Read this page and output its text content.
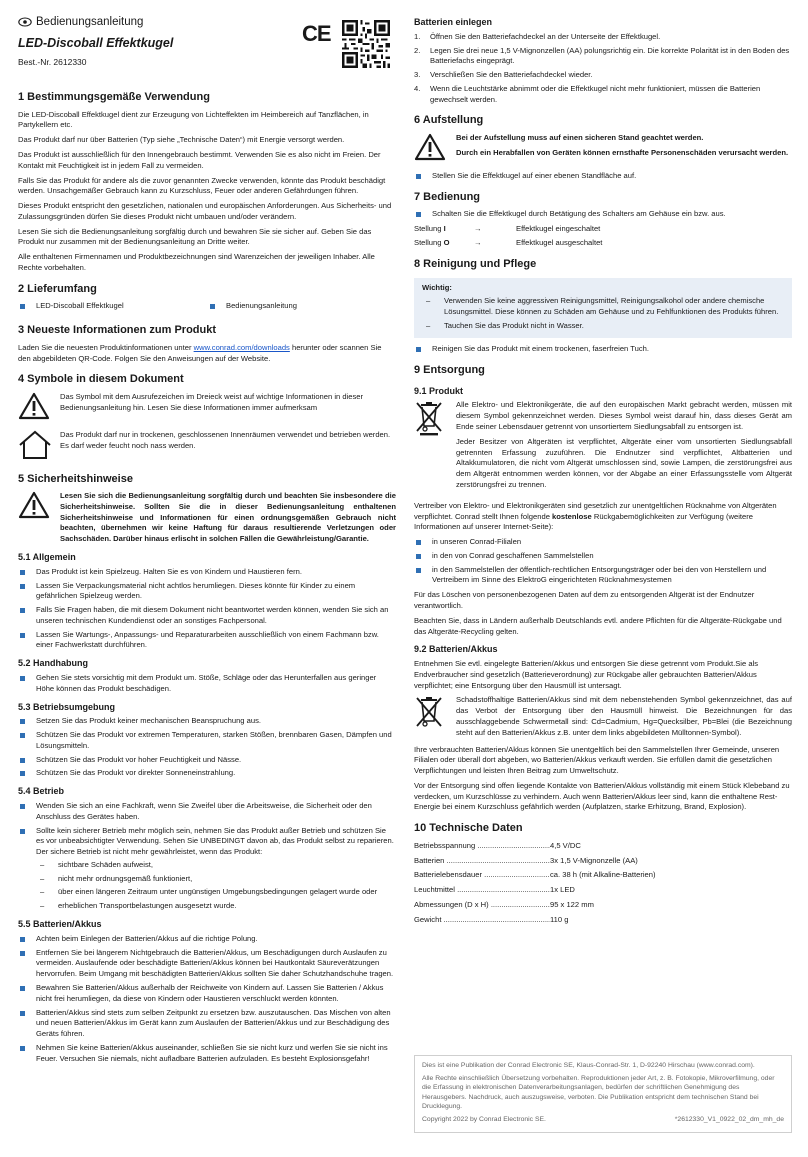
Bedienungsanleitung
LED-Discoball Effektkugel
Best.-Nr. 2612330
CE
1 Bestimmungsgemäße Verwendung

Die LED-Discoball Effektkugel dient zur Erzeugung von Lichteffekten im Heimbereich auf Tanzflächen, in Partykellern etc.

Das Produkt darf nur über Batterien (Typ siehe „Technische Daten“) mit Energie versorgt werden.

Das Produkt ist ausschließlich für den Innengebrauch bestimmt. Verwenden Sie es also nicht im Freien. Der Kontakt mit Feuchtigkeit ist in jedem Fall zu vermeiden.

Falls Sie das Produkt für andere als die zuvor genannten Zwecke verwenden, könnte das Produkt beschädigt werden. Unsachgemäßer Gebrauch kann zu Kurzschluss, Feuer oder anderen Gefährdungen führen.

Dieses Produkt entspricht den gesetzlichen, nationalen und europäischen Anforderungen. Aus Sicherheits- und Zulassungsgründen dürfen Sie dieses Produkt nicht umbauen und/oder verändern.

Lesen Sie sich die Bedienungsanleitung sorgfältig durch und bewahren Sie sie sicher auf. Geben Sie das Produkt nur zusammen mit der Bedienungsanleitung an Dritte weiter.

Alle enthaltenen Firmennamen und Produktbezeichnungen sind Warenzeichen der jeweiligen Inhaber. Alle Rechte vorbehalten.

2 Lieferumfang
LED-Discoball Effektkugel	Bedienungsanleitung
3 Neueste Informationen zum Produkt

Laden Sie die neuesten Produktinformationen unter www.conrad.com/downloads herunter oder scannen Sie den abgebildeten QR-Code. Folgen Sie den Anweisungen auf der Website.

4 Symbole in diesem Dokument
Das Symbol mit dem Ausrufezeichen im Dreieck weist auf wichtige Informationen in dieser Bedienungsanleitung hin. Lesen Sie diese Informationen immer aufmerksam
Das Produkt darf nur in trockenen, geschlossenen Innenräumen verwendet und betrieben werden. Es darf weder feucht noch nass werden.
5 Sicherheitshinweise
Lesen Sie sich die Bedienungsanleitung sorgfältig durch und beachten Sie insbesondere die Sicherheitshinweise. Sollten Sie die in dieser Bedienungsanleitung enthaltenen Sicherheitshinweise und Informationen für einen ordnungsgemäßen Gebrauch nicht beachten, übernehmen wir keine Haftung für daraus resultierende Verletzungen oder Sachschäden. Darüber hinaus erlischt in solchen Fällen die Gewährleistung/Garantie.
5.1 Allgemein
Das Produkt ist kein Spielzeug. Halten Sie es von Kindern und Haustieren fern.
Lassen Sie Verpackungsmaterial nicht achtlos herumliegen. Dieses könnte für Kinder zu einem gefährlichen Spielzeug werden.
Falls Sie Fragen haben, die mit diesem Dokument nicht beantwortet werden können, wenden Sie sich an unseren technischen Kundendienst oder an sonstiges Fachpersonal.
Lassen Sie Wartungs-, Anpassungs- und Reparaturarbeiten ausschließlich von einem Fachmann bzw. einer Fachwerkstatt durchführen.
5.2 Handhabung
Gehen Sie stets vorsichtig mit dem Produkt um. Stöße, Schläge oder das Herunterfallen aus geringer Höhe können das Produkt beschädigen.
5.3 Betriebsumgebung
Setzen Sie das Produkt keiner mechanischen Beanspruchung aus.
Schützen Sie das Produkt vor extremen Temperaturen, starken Stößen, brennbaren Gasen, Dämpfen und Lösungsmitteln.
Schützen Sie das Produkt vor hoher Feuchtigkeit und Nässe.
Schützen Sie das Produkt vor direkter Sonneneinstrahlung.
5.4 Betrieb
Wenden Sie sich an eine Fachkraft, wenn Sie Zweifel über die Arbeitsweise, die Sicherheit oder den Anschluss des Gerätes haben.
Sollte kein sicherer Betrieb mehr möglich sein, nehmen Sie das Produkt außer Betrieb und schützen Sie es vor unbeabsichtigter Verwendung. Sehen Sie UNBEDINGT davon ab, das Produkt selbst zu reparieren. Der sichere Betrieb ist nicht mehr gewährleistet, wenn das Produkt:
– sichtbare Schäden aufweist,
– nicht mehr ordnungsgemäß funktioniert,
– über einen längeren Zeitraum unter ungünstigen Umgebungsbedingungen gelagert wurde oder
– erheblichen Transportbelastungen ausgesetzt wurde.
5.5 Batterien/Akkus
Achten beim Einlegen der Batterien/Akkus auf die richtige Polung.
Entfernen Sie bei längerem Nichtgebrauch die Batterien/Akkus, um Beschädigungen durch Auslaufen zu vermeiden. Auslaufende oder beschädigte Batterien/Akkus können bei Hautkontakt Säureverätzungen hervorrufen. Beim Umgang mit beschädigten Batterien/Akkus sollten Sie daher Schutzhandschuhe tragen.
Bewahren Sie Batterien/Akkus außerhalb der Reichweite von Kindern auf. Lassen Sie Batterien / Akkus nicht frei herumliegen, da diese von Kindern oder Haustieren verschluckt werden könnten.
Batterien/Akkus sind stets zum selben Zeitpunkt zu ersetzen bzw. auszutauschen. Das Mischen von alten und neuen Batterien/Akkus im Gerät kann zum Auslaufen der Batterien/Akkus und zur Beschädigung des Geräts führen.
Nehmen Sie keine Batterien/Akkus auseinander, schließen Sie sie nicht kurz und werfen Sie sie nicht ins Feuer. Versuchen Sie niemals, nicht aufladbare Batterien aufzuladen. Es besteht Explosionsgefahr!
Batterien einlegen
1. Öffnen Sie den Batteriefachdeckel an der Unterseite der Effektkugel.
2. Legen Sie drei neue 1,5 V-Mignonzellen (AA) polungsrichtig ein. Die korrekte Polarität ist in den Boden des Batteriefachs eingeprägt.
3. Verschließen Sie den Batteriefachdeckel wieder.
4. Wenn die Leuchtstärke abnimmt oder die Effektkugel nicht mehr funktioniert, müssen die Batterien gewechselt werden.
6 Aufstellung

Bei der Aufstellung muss auf einen sicheren Stand geachtet werden.

Durch ein Herabfallen von Geräten können ernsthafte Personenschäden verursacht werden.

Stellen Sie die Effektkugel auf einer ebenen Standfläche auf.
7 Bedienung
Schalten Sie die Effektkugel durch Betätigung des Schalters am Gehäuse ein bzw. aus.
Stellung I	→	Effektkugel eingeschaltet
Stellung O	→	Effektkugel ausgeschaltet
8 Reinigung und Pflege
Wichtig:
– Verwenden Sie keine aggressiven Reinigungsmittel, Reinigungsalkohol oder andere chemische Lösungsmittel. Diese können zu Schäden am Gehäuse und zu Fehlfunktionen des Produkts führen.
– Tauchen Sie das Produkt nicht in Wasser.
Reinigen Sie das Produkt mit einem trockenen, faserfreien Tuch.
9 Entsorgung
9.1 Produkt

Alle Elektro- und Elektronikgeräte, die auf den europäischen Markt gebracht werden, müssen mit diesem Symbol gekennzeichnet werden. Dieses Symbol weist darauf hin, dass dieses Gerät am Ende seiner Lebensdauer getrennt von unsortiertem Siedlungsabfall zu entsorgen ist.

Jeder Besitzer von Altgeräten ist verpflichtet, Altgeräte einer vom unsortierten Siedlungsabfall getrennten Erfassung zuzuführen. Die Endnutzer sind verpflichtet, Altbatterien und Altakkumulatoren, die nicht vom Altgerät umschlossen sind, sowie Lampen, die zerstörungsfrei aus dem Altgerät entnommen werden können, vor der Abgabe an einer Erfassungsstelle vom Altgerät zerstörungsfrei zu trennen.

Vertreiber von Elektro- und Elektronikgeräten sind gesetzlich zur unentgeltlichen Rücknahme von Altgeräten verpflichtet. Conrad stellt Ihnen folgende kostenlose Rückgabemöglichkeiten zur Verfügung (weitere Informationen auf unserer Internet-Seite):

in unseren Conrad-Filialen
in den von Conrad geschaffenen Sammelstellen
in den Sammelstellen der öffentlich-rechtlichen Entsorgungsträger oder bei den von Herstellern und Vertreibern im Sinne des ElektroG eingerichteten Rücknahmesystemen

Für das Löschen von personenbezogenen Daten auf dem zu entsorgenden Altgerät ist der Endnutzer verantwortlich.

Beachten Sie, dass in Ländern außerhalb Deutschlands evtl. andere Pflichten für die Altgeräte-Rückgabe und das Altgeräte-Recycling gelten.

9.2 Batterien/Akkus

Entnehmen Sie evtl. eingelegte Batterien/Akkus und entsorgen Sie diese getrennt vom Produkt.Sie als Endverbraucher sind gesetzlich (Batterieverordnung) zur Rückgabe aller gebrauchten Batterien/Akkus verpflichtet; eine Entsorgung über den Hausmüll ist untersagt.

Schadstoffhaltige Batterien/Akkus sind mit dem nebenstehenden Symbol gekennzeichnet, das auf das Verbot der Entsorgung über den Hausmüll hinweist. Die Bezeichnungen für das ausschlaggebende Schwermetall sind: Cd=Cadmium, Hg=Quecksilber, Pb=Blei (die Bezeichnung steht auf den Batterien/Akkus z.B. unter dem links abgebildeten Mülltonnen-Symbol).

Ihre verbrauchten Batterien/Akkus können Sie unentgeltlich bei den Sammelstellen Ihrer Gemeinde, unseren Filialen oder überall dort abgeben, wo Batterien/Akkus verkauft werden. Sie erfüllen damit die gesetzlichen Verpflichtungen und leisten Ihren Beitrag zum Umweltschutz.

Vor der Entsorgung sind offen liegende Kontakte von Batterien/Akkus vollständig mit einem Stück Klebeband zu verdecken, um Kurzschlüsse zu verhindern. Auch wenn Batterien/Akkus leer sind, kann die enthaltene Rest-Energie bei einem Kurzschluss gefährlich werden (Aufplatzen, starke Erhitzung, Brand, Explosion).

10 Technische Daten
Betriebsspannung .....	4,5 V/DC
Batterien .....	3x 1,5 V-Mignonzelle (AA)
Batterielebensdauer .....	ca. 38 h (mit Alkaline-Batterien)
Leuchtmittel .....	1x LED
Abmessungen (D x H) .....	95 x 122 mm
Gewicht .....	110 g

Dies ist eine Publikation der Conrad Electronic SE, Klaus-Conrad-Str. 1, D-92240 Hirschau (www.conrad.com).

Alle Rechte einschließlich Übersetzung vorbehalten. Reproduktionen jeder Art, z. B. Fotokopie, Mikroverfilmung, oder die Erfassung in elektronischen Datenverarbeitungsanlagen, bedürfen der schriftlichen Genehmigung des Herausgebers. Nachdruck, auch auszugsweise, verboten. Die Publikation entspricht dem technischen Stand bei Drucklegung.

Copyright 2022 by Conrad Electronic SE.	*2612330_V1_0922_02_dm_mh_de
